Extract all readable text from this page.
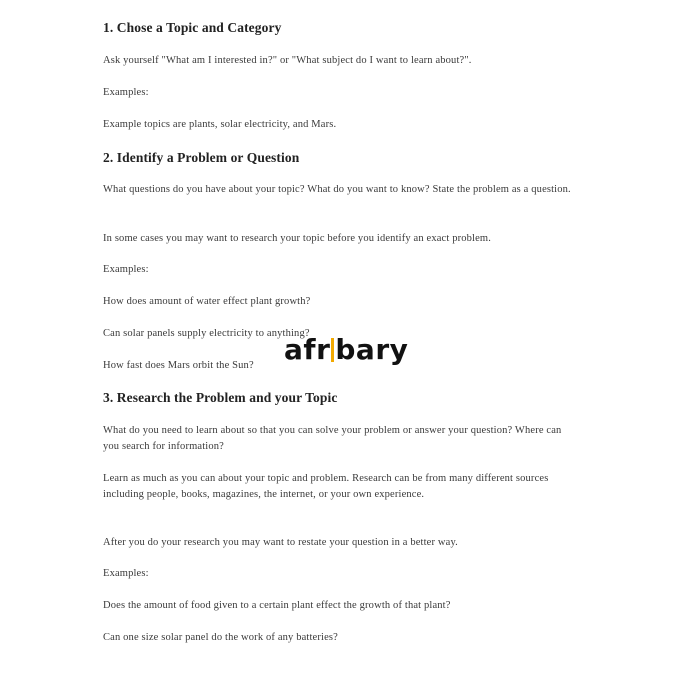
1. Chose a Topic and Category

Ask yourself "What am I interested in?" or "What subject do I want to learn about?".

Examples:

Example topics are plants, solar electricity, and Mars.

2. Identify a Problem or Question

What questions do you have about your topic? What do you want to know? State the problem as a question.

In some cases you may want to research your topic before you identify an exact problem.

Examples:

How does amount of water effect plant growth?

Can solar panels supply electricity to anything?

How fast does Mars orbit the Sun?

3. Research the Problem and your Topic

What do you need to learn about so that you can solve your problem or answer your question? Where can you search for information?

Learn as much as you can about your topic and problem. Research can be from many different sources including people, books, magazines, the internet, or your own experience.

After you do your research you may want to restate your question in a better way.

Examples:

Does the amount of food given to a certain plant effect the growth of that plant?

Can one size solar panel do the work of any batteries?

afr bary
